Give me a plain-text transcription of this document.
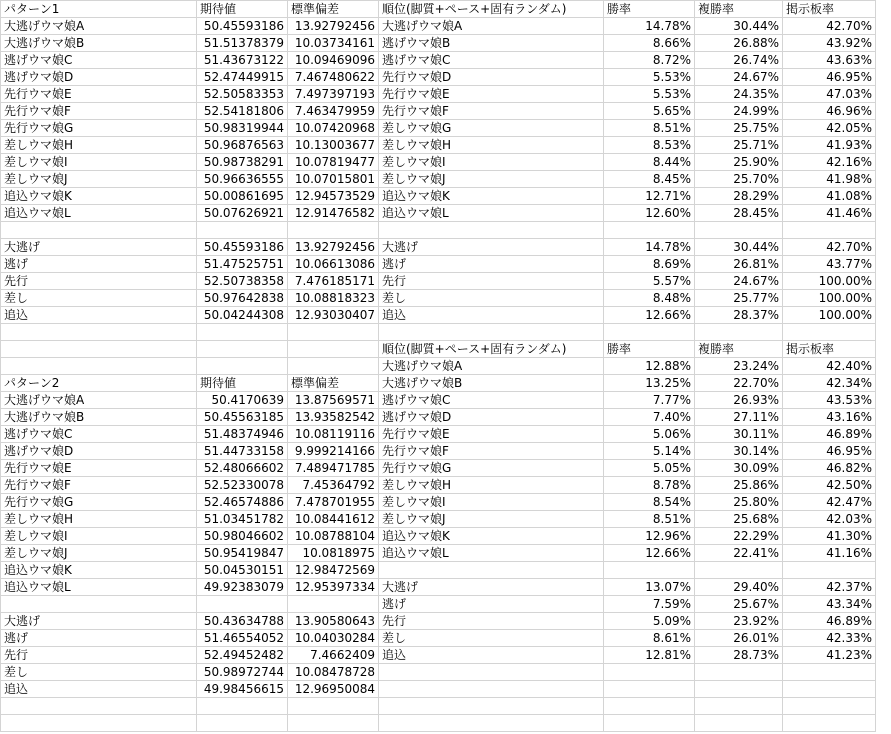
パターン1	期待値	標準偏差	順位(脚質+ペース+固有ランダム)	勝率	複勝率	掲示板率
大逃げウマ娘A	50.45593186	13.92792456	大逃げウマ娘A	14.78%	30.44%	42.70%
大逃げウマ娘B	51.51378379	10.03734161	逃げウマ娘B	8.66%	26.88%	43.92%
逃げウマ娘C	51.43673122	10.09469096	逃げウマ娘C	8.72%	26.74%	43.63%
逃げウマ娘D	52.47449915	7.467480622	先行ウマ娘D	5.53%	24.67%	46.95%
先行ウマ娘E	52.50583353	7.497397193	先行ウマ娘E	5.53%	24.35%	47.03%
先行ウマ娘F	52.54181806	7.463479959	先行ウマ娘F	5.65%	24.99%	46.96%
先行ウマ娘G	50.98319944	10.07420968	差しウマ娘G	8.51%	25.75%	42.05%
差しウマ娘H	50.96876563	10.13003677	差しウマ娘H	8.53%	25.71%	41.93%
差しウマ娘I	50.98738291	10.07819477	差しウマ娘I	8.44%	25.90%	42.16%
差しウマ娘J	50.96636555	10.07015801	差しウマ娘J	8.45%	25.70%	41.98%
追込ウマ娘K	50.00861695	12.94573529	追込ウマ娘K	12.71%	28.29%	41.08%
追込ウマ娘L	50.07626921	12.91476582	追込ウマ娘L	12.60%	28.45%	41.46%

大逃げ	50.45593186	13.92792456	大逃げ	14.78%	30.44%	42.70%
逃げ	51.47525751	10.06613086	逃げ	8.69%	26.81%	43.77%
先行	52.50738358	7.476185171	先行	5.57%	24.67%	100.00%
差し	50.97642838	10.08818323	差し	8.48%	25.77%	100.00%
追込	50.04244308	12.93030407	追込	12.66%	28.37%	100.00%

			順位(脚質+ペース+固有ランダム)	勝率	複勝率	掲示板率
			大逃げウマ娘A	12.88%	23.24%	42.40%
パターン2	期待値	標準偏差	大逃げウマ娘B	13.25%	22.70%	42.34%
大逃げウマ娘A	50.4170639	13.87569571	逃げウマ娘C	7.77%	26.93%	43.53%
大逃げウマ娘B	50.45563185	13.93582542	逃げウマ娘D	7.40%	27.11%	43.16%
逃げウマ娘C	51.48374946	10.08119116	先行ウマ娘E	5.06%	30.11%	46.89%
逃げウマ娘D	51.44733158	9.999214166	先行ウマ娘F	5.14%	30.14%	46.95%
先行ウマ娘E	52.48066602	7.489471785	先行ウマ娘G	5.05%	30.09%	46.82%
先行ウマ娘F	52.52330078	7.45364792	差しウマ娘H	8.78%	25.86%	42.50%
先行ウマ娘G	52.46574886	7.478701955	差しウマ娘I	8.54%	25.80%	42.47%
差しウマ娘H	51.03451782	10.08441612	差しウマ娘J	8.51%	25.68%	42.03%
差しウマ娘I	50.98046602	10.08788104	追込ウマ娘K	12.96%	22.29%	41.30%
差しウマ娘J	50.95419847	10.0818975	追込ウマ娘L	12.66%	22.41%	41.16%
追込ウマ娘K	50.04530151	12.98472569				
追込ウマ娘L	49.92383079	12.95397334	大逃げ	13.07%	29.40%	42.37%
			逃げ	7.59%	25.67%	43.34%
大逃げ	50.43634788	13.90580643	先行	5.09%	23.92%	46.89%
逃げ	51.46554052	10.04030284	差し	8.61%	26.01%	42.33%
先行	52.49452482	7.4662409	追込	12.81%	28.73%	41.23%
差し	50.98972744	10.08478728				
追込	49.98456615	12.96950084				
